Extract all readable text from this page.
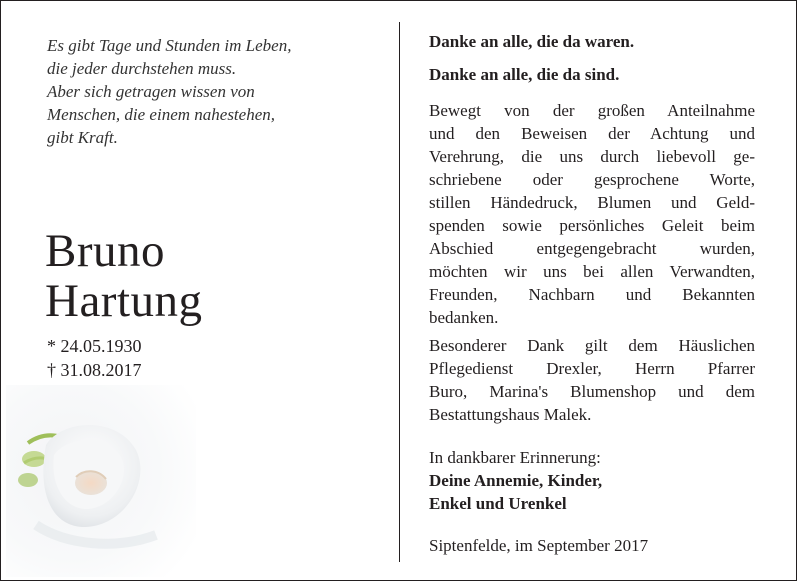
Es gibt Tage und Stunden im Leben,
die jeder durchstehen muss.
Aber sich getragen wissen von
Menschen, die einem nahestehen,
gibt Kraft.
Bruno
Hartung
* 24.05.1930
† 31.08.2017
Danke an alle, die da waren.
Danke an alle, die da sind.
Bewegt von der großen Anteilnahme
und den Beweisen der Achtung und
Verehrung, die uns durch liebevoll ge-
schriebene oder gesprochene Worte,
stillen Händedruck, Blumen und Geld-
spenden sowie persönliches Geleit beim
Abschied entgegengebracht wurden,
möchten wir uns bei allen Verwandten,
Freunden, Nachbarn und Bekannten
bedanken.
Besonderer Dank gilt dem Häuslichen
Pflegedienst Drexler, Herrn Pfarrer
Buro, Marina's Blumenshop und dem
Bestattungshaus Malek.
In dankbarer Erinnerung:
Deine Annemie, Kinder,
Enkel und Urenkel
Siptenfelde, im September 2017
